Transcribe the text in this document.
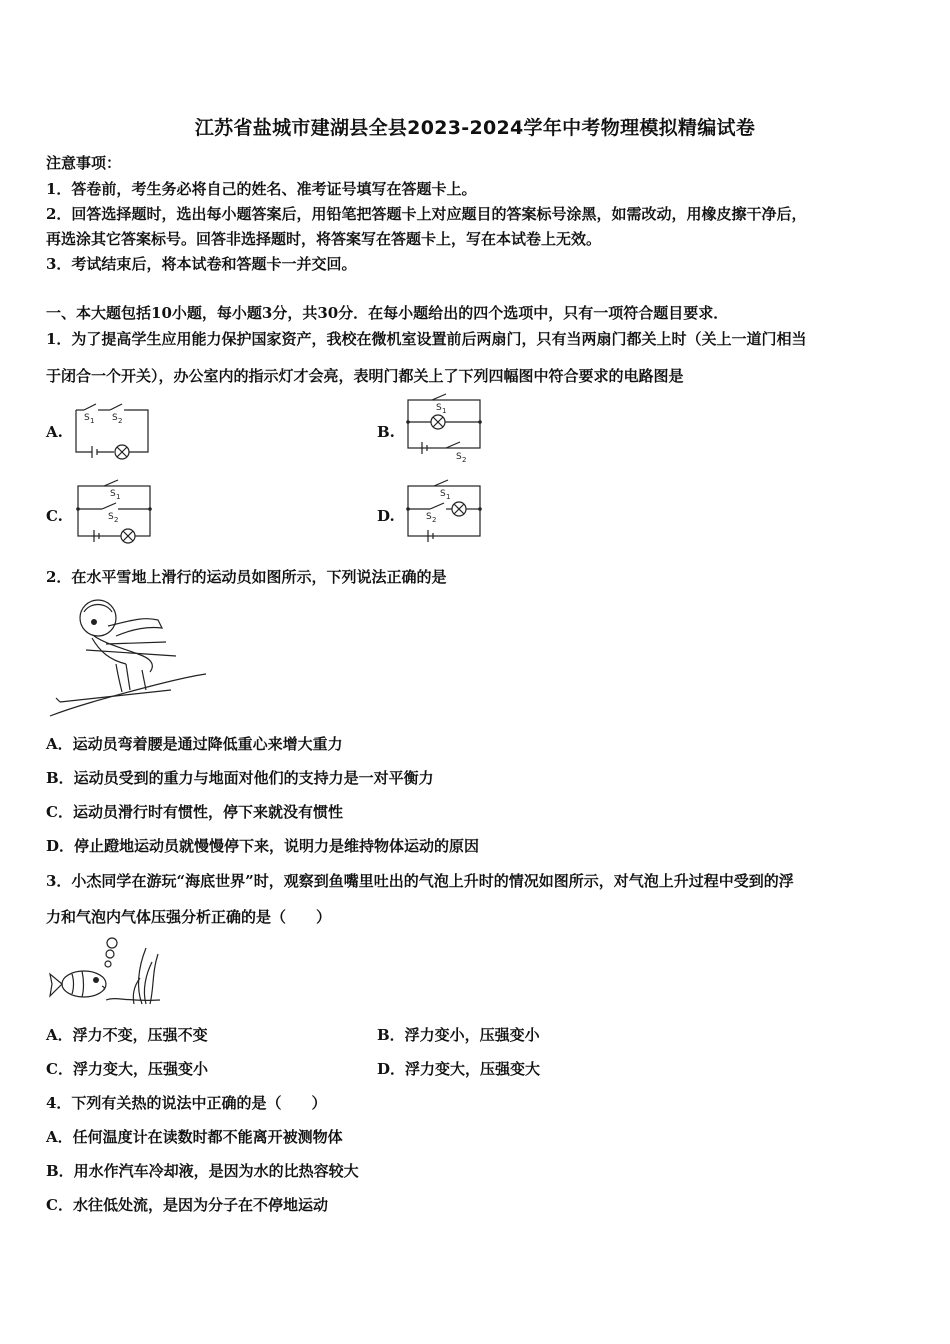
江苏省盐城市建湖县全县2023-2024学年中考物理模拟精编试卷
注意事项：
1．答卷前，考生务必将自己的姓名、准考证号填写在答题卡上。
2．回答选择题时，选出每小题答案后，用铅笔把答题卡上对应题目的答案标号涂黑，如需改动，用橡皮擦干净后，
再选涂其它答案标号。回答非选择题时，将答案写在答题卡上，写在本试卷上无效。
3．考试结束后，将本试卷和答题卡一并交回。
一、本大题包括10小题，每小题3分，共30分．在每小题给出的四个选项中，只有一项符合题目要求．
1．为了提高学生应用能力保护国家资产，我校在微机室设置前后两扇门，只有当两扇门都关上时（关上一道门相当
于闭合一个开关），办公室内的指示灯才会亮，表明门都关上了下列四幅图中符合要求的电路图是
A.	B.
C.	D.
S 1 S 2
S 1
S 2
S 1
S 2
S 1
S 2
2．在水平雪地上滑行的运动员如图所示，下列说法正确的是
A．运动员弯着腰是通过降低重心来增大重力
B．运动员受到的重力与地面对他们的支持力是一对平衡力
C．运动员滑行时有惯性，停下来就没有惯性
D．停止蹬地运动员就慢慢停下来，说明力是维持物体运动的原因
3．小杰同学在游玩“海底世界”时，观察到鱼嘴里吐出的气泡上升时的情况如图所示，对气泡上升过程中受到的浮
力和气泡内气体压强分析正确的是（　　）
A．浮力不变，压强不变	B．浮力变小，压强变小
C．浮力变大，压强变小	D．浮力变大，压强变大
4．下列有关热的说法中正确的是（　　）
A．任何温度计在读数时都不能离开被测物体
B．用水作汽车冷却液，是因为水的比热容较大
C．水往低处流，是因为分子在不停地运动
